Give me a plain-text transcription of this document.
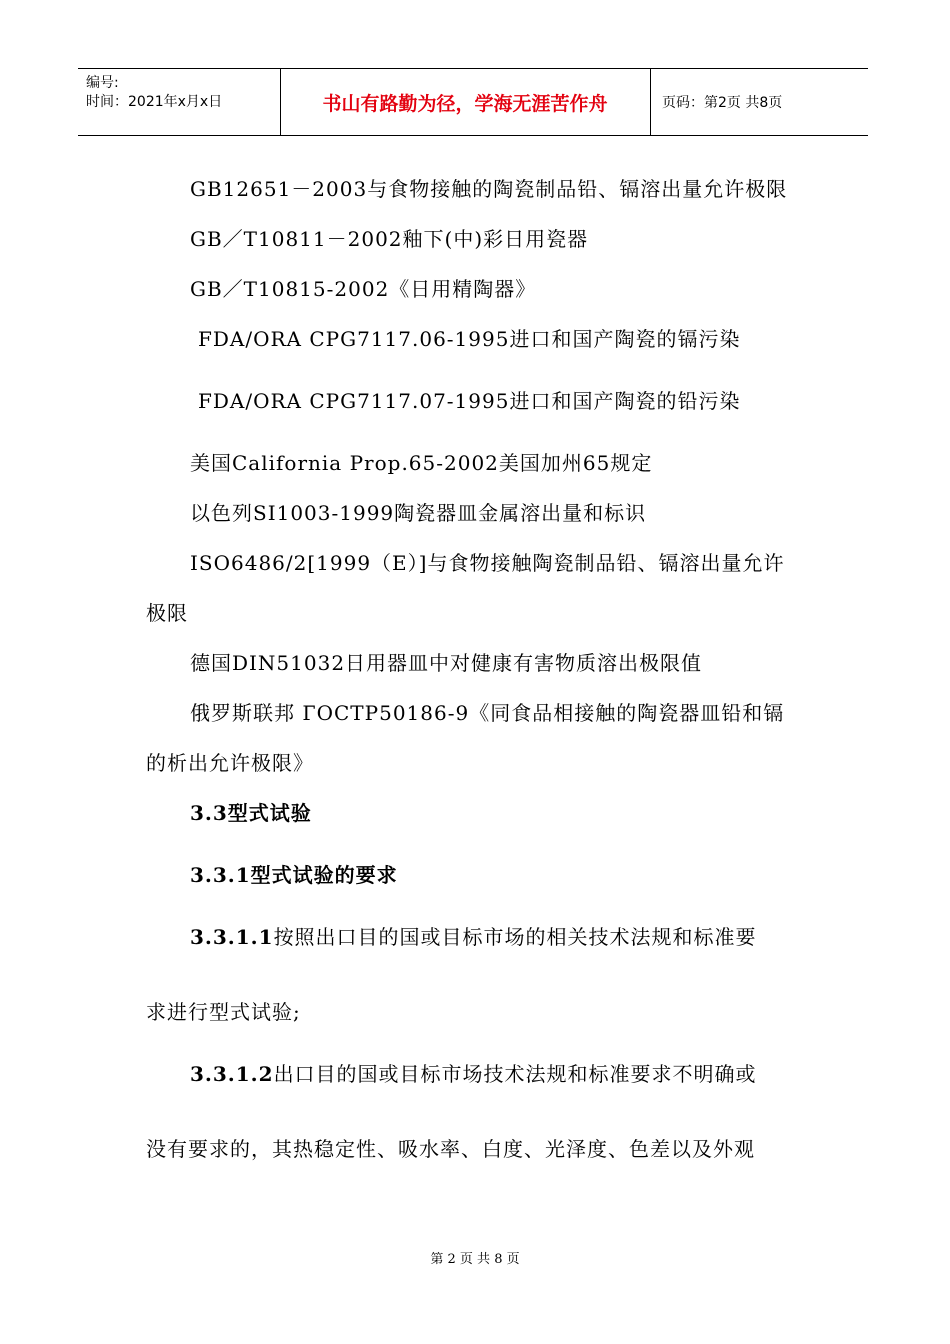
编号:
时间：2021年x月x日	书山有路勤为径，学海无涯苦作舟	页码：第2页 共8页
GB12651－2003与食物接触的陶瓷制品铅、镉溶出量允许极限
GB／T10811－2002釉下(中)彩日用瓷器
GB／T10815-2002《日用精陶器》
FDA/ORA CPG7117.06-1995进口和国产陶瓷的镉污染
FDA/ORA CPG7117.07-1995进口和国产陶瓷的铅污染
美国California Prop.65-2002美国加州65规定
以色列SI1003-1999陶瓷器皿金属溶出量和标识
ISO6486/2[1999（E）]与食物接触陶瓷制品铅、镉溶出量允许
极限
德国DIN51032日用器皿中对健康有害物质溶出极限值
俄罗斯联邦 ГОСТР50186-9《同食品相接触的陶瓷器皿铅和镉
的析出允许极限》
3.3型式试验
3.3.1型式试验的要求
3.3.1.1按照出口目的国或目标市场的相关技术法规和标准要
求进行型式试验;
3.3.1.2出口目的国或目标市场技术法规和标准要求不明确或
没有要求的，其热稳定性、吸水率、白度、光泽度、色差以及外观
第 2 页 共 8 页
